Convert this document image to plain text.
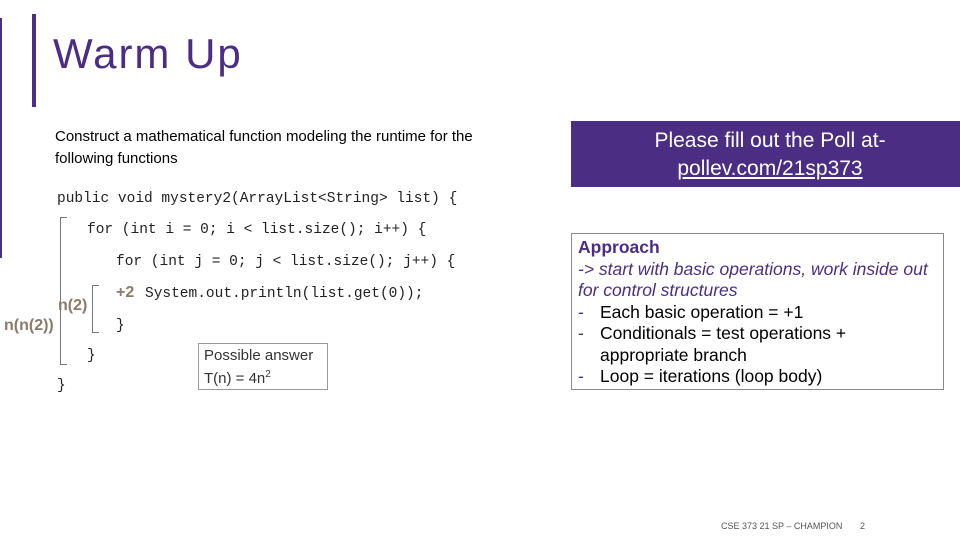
Warm Up
Construct a mathematical function modeling the runtime for the following functions
public void mystery2(ArrayList<String> list) {
for (int i = 0; i < list.size(); i++) {
for (int j = 0; j < list.size(); j++) {
System.out.println(list.get(0));
}
}
}
+2
n(2)
n(n(2))
Possible answer
$T(n) = 4n^2$
Please fill out the Poll at-
pollev.com/21sp373
Approach
-> start with basic operations, work inside out for control structures
- Each basic operation = +1
- Conditionals = test operations + appropriate branch
- Loop = iterations (loop body)
CSE 373 21 SP – CHAMPION 2
